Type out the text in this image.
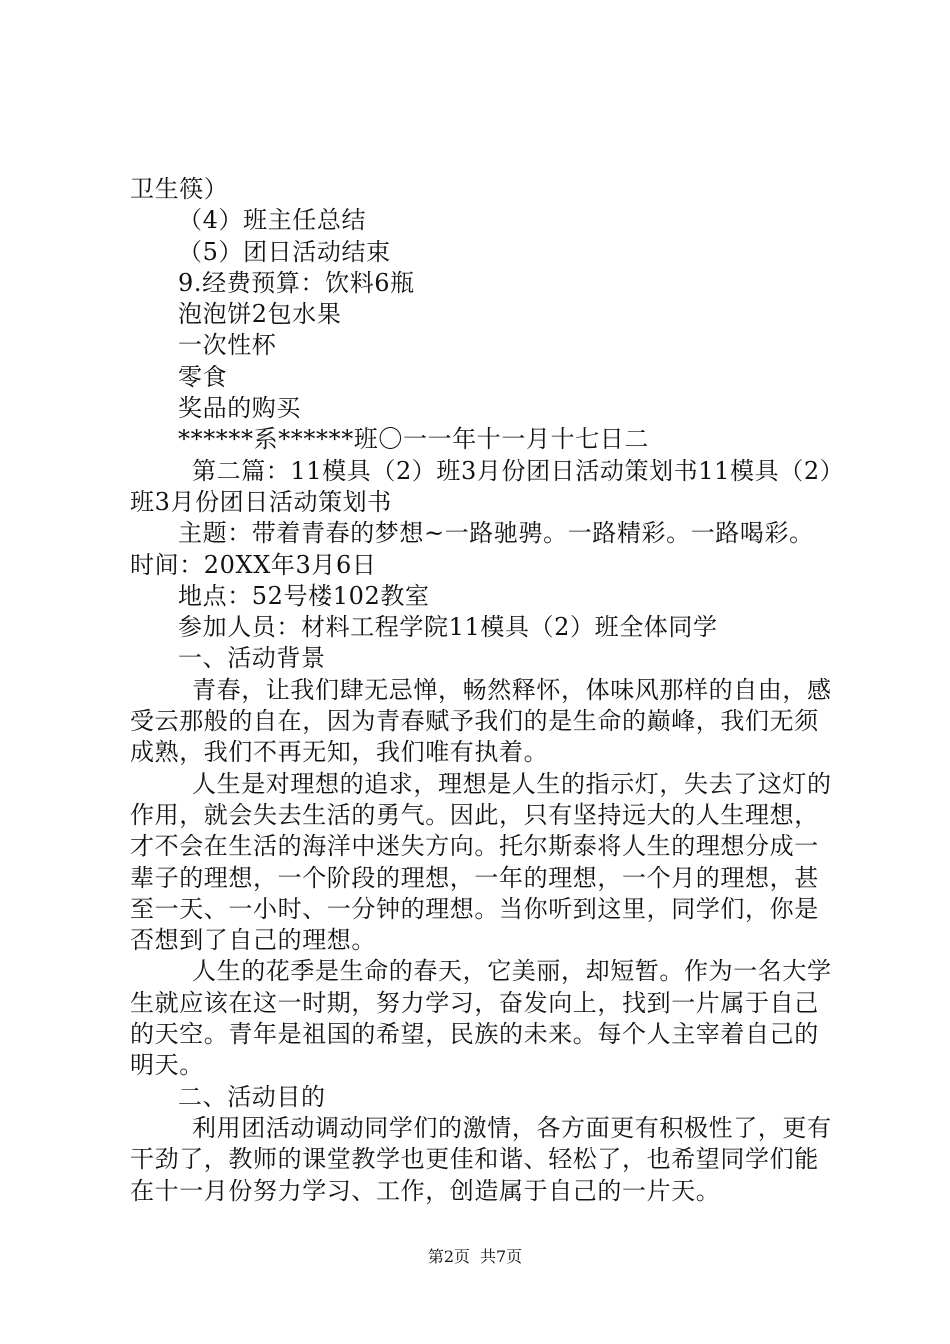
卫生筷）

（4）班主任总结

（5）团日活动结束

9.经费预算：饮料6瓶

泡泡饼2包水果

一次性杯

零食

奖品的购买

******系******班〇一一年十一月十七日二

第二篇：11模具（2）班3月份团日活动策划书11模具（2）班3月份团日活动策划书

主题：带着青春的梦想~一路驰骋。一路精彩。一路喝彩。时间：20XX年3月6日

地点：52号楼102教室

参加人员：材料工程学院11模具（2）班全体同学

一、活动背景

青春，让我们肆无忌惮，畅然释怀，体味风那样的自由，感受云那般的自在，因为青春赋予我们的是生命的巅峰，我们无须成熟，我们不再无知，我们唯有执着。

人生是对理想的追求，理想是人生的指示灯，失去了这灯的作用，就会失去生活的勇气。因此，只有坚持远大的人生理想，才不会在生活的海洋中迷失方向。托尔斯泰将人生的理想分成一辈子的理想，一个阶段的理想，一年的理想，一个月的理想，甚至一天、一小时、一分钟的理想。当你听到这里，同学们，你是否想到了自己的理想。

人生的花季是生命的春天，它美丽，却短暂。作为一名大学生就应该在这一时期，努力学习，奋发向上，找到一片属于自己的天空。青年是祖国的希望，民族的未来。每个人主宰着自己的明天。

二、活动目的

利用团活动调动同学们的激情，各方面更有积极性了，更有干劲了，教师的课堂教学也更佳和谐、轻松了，也希望同学们能在十一月份努力学习、工作，创造属于自己的一片天。

第2页 共7页
